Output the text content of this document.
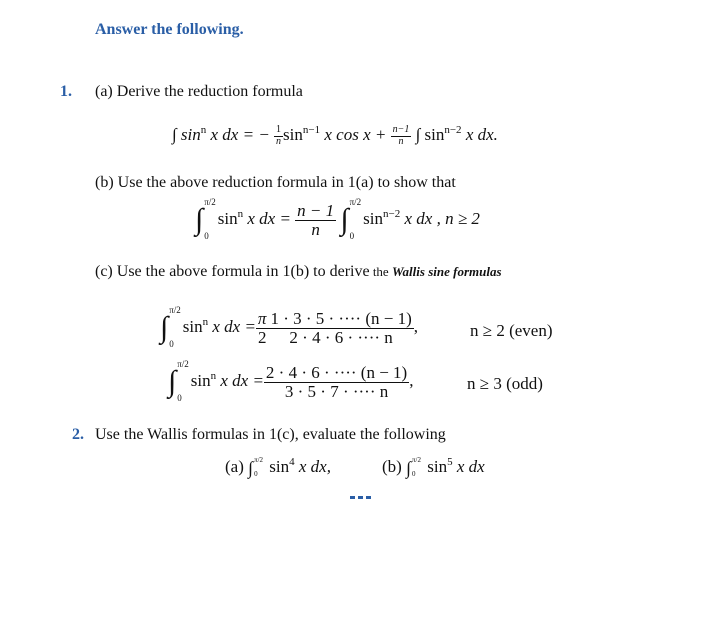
Answer the following.
1. (a) Derive the reduction formula
∫ $\sin^n x$ dx = − $\frac{1}{n} \sin^{n-1} x$ $\cos x + \frac{n-1}{n}$ ∫ $\sin^{n-2} x$ dx.
(b) Use the above reduction formula in 1(a) to show that
∫
π/2
0
$\sin^n x$ dx = $\frac{n - 1}{n}$ ∫
π/2
0
$\sin^{n-2} x$ dx , n ≥ 2
(c) Use the above formula in 1(b) to derive the Wallis sine formulas
∫
π/2
0
$\sin^n x$ dx = $\frac{\pi}{2} \frac{1 \cdot 3 \cdot 5 \cdot \cdot\cdot\cdot\cdot (n - 1)}{2 \cdot 4 \cdot 6 \cdot \cdot\cdot\cdot\cdot n}$ ,	n ≥ 2 (even)
∫
π/2
0
$\sin^n x$ dx = $\frac{2 \cdot 4 \cdot 6 \cdot \cdot\cdot\cdot\cdot (n - 1)}{3 \cdot 5 \cdot 7 \cdot \cdot\cdot\cdot\cdot n}$ ,	n ≥ 3 (odd)
2. Use the Wallis formulas in 1(c), evaluate the following
(a) ∫ π/2
0 $\sin^4 x$ dx,	(b) ∫ π/2
0 $\sin^5 x$ dx
